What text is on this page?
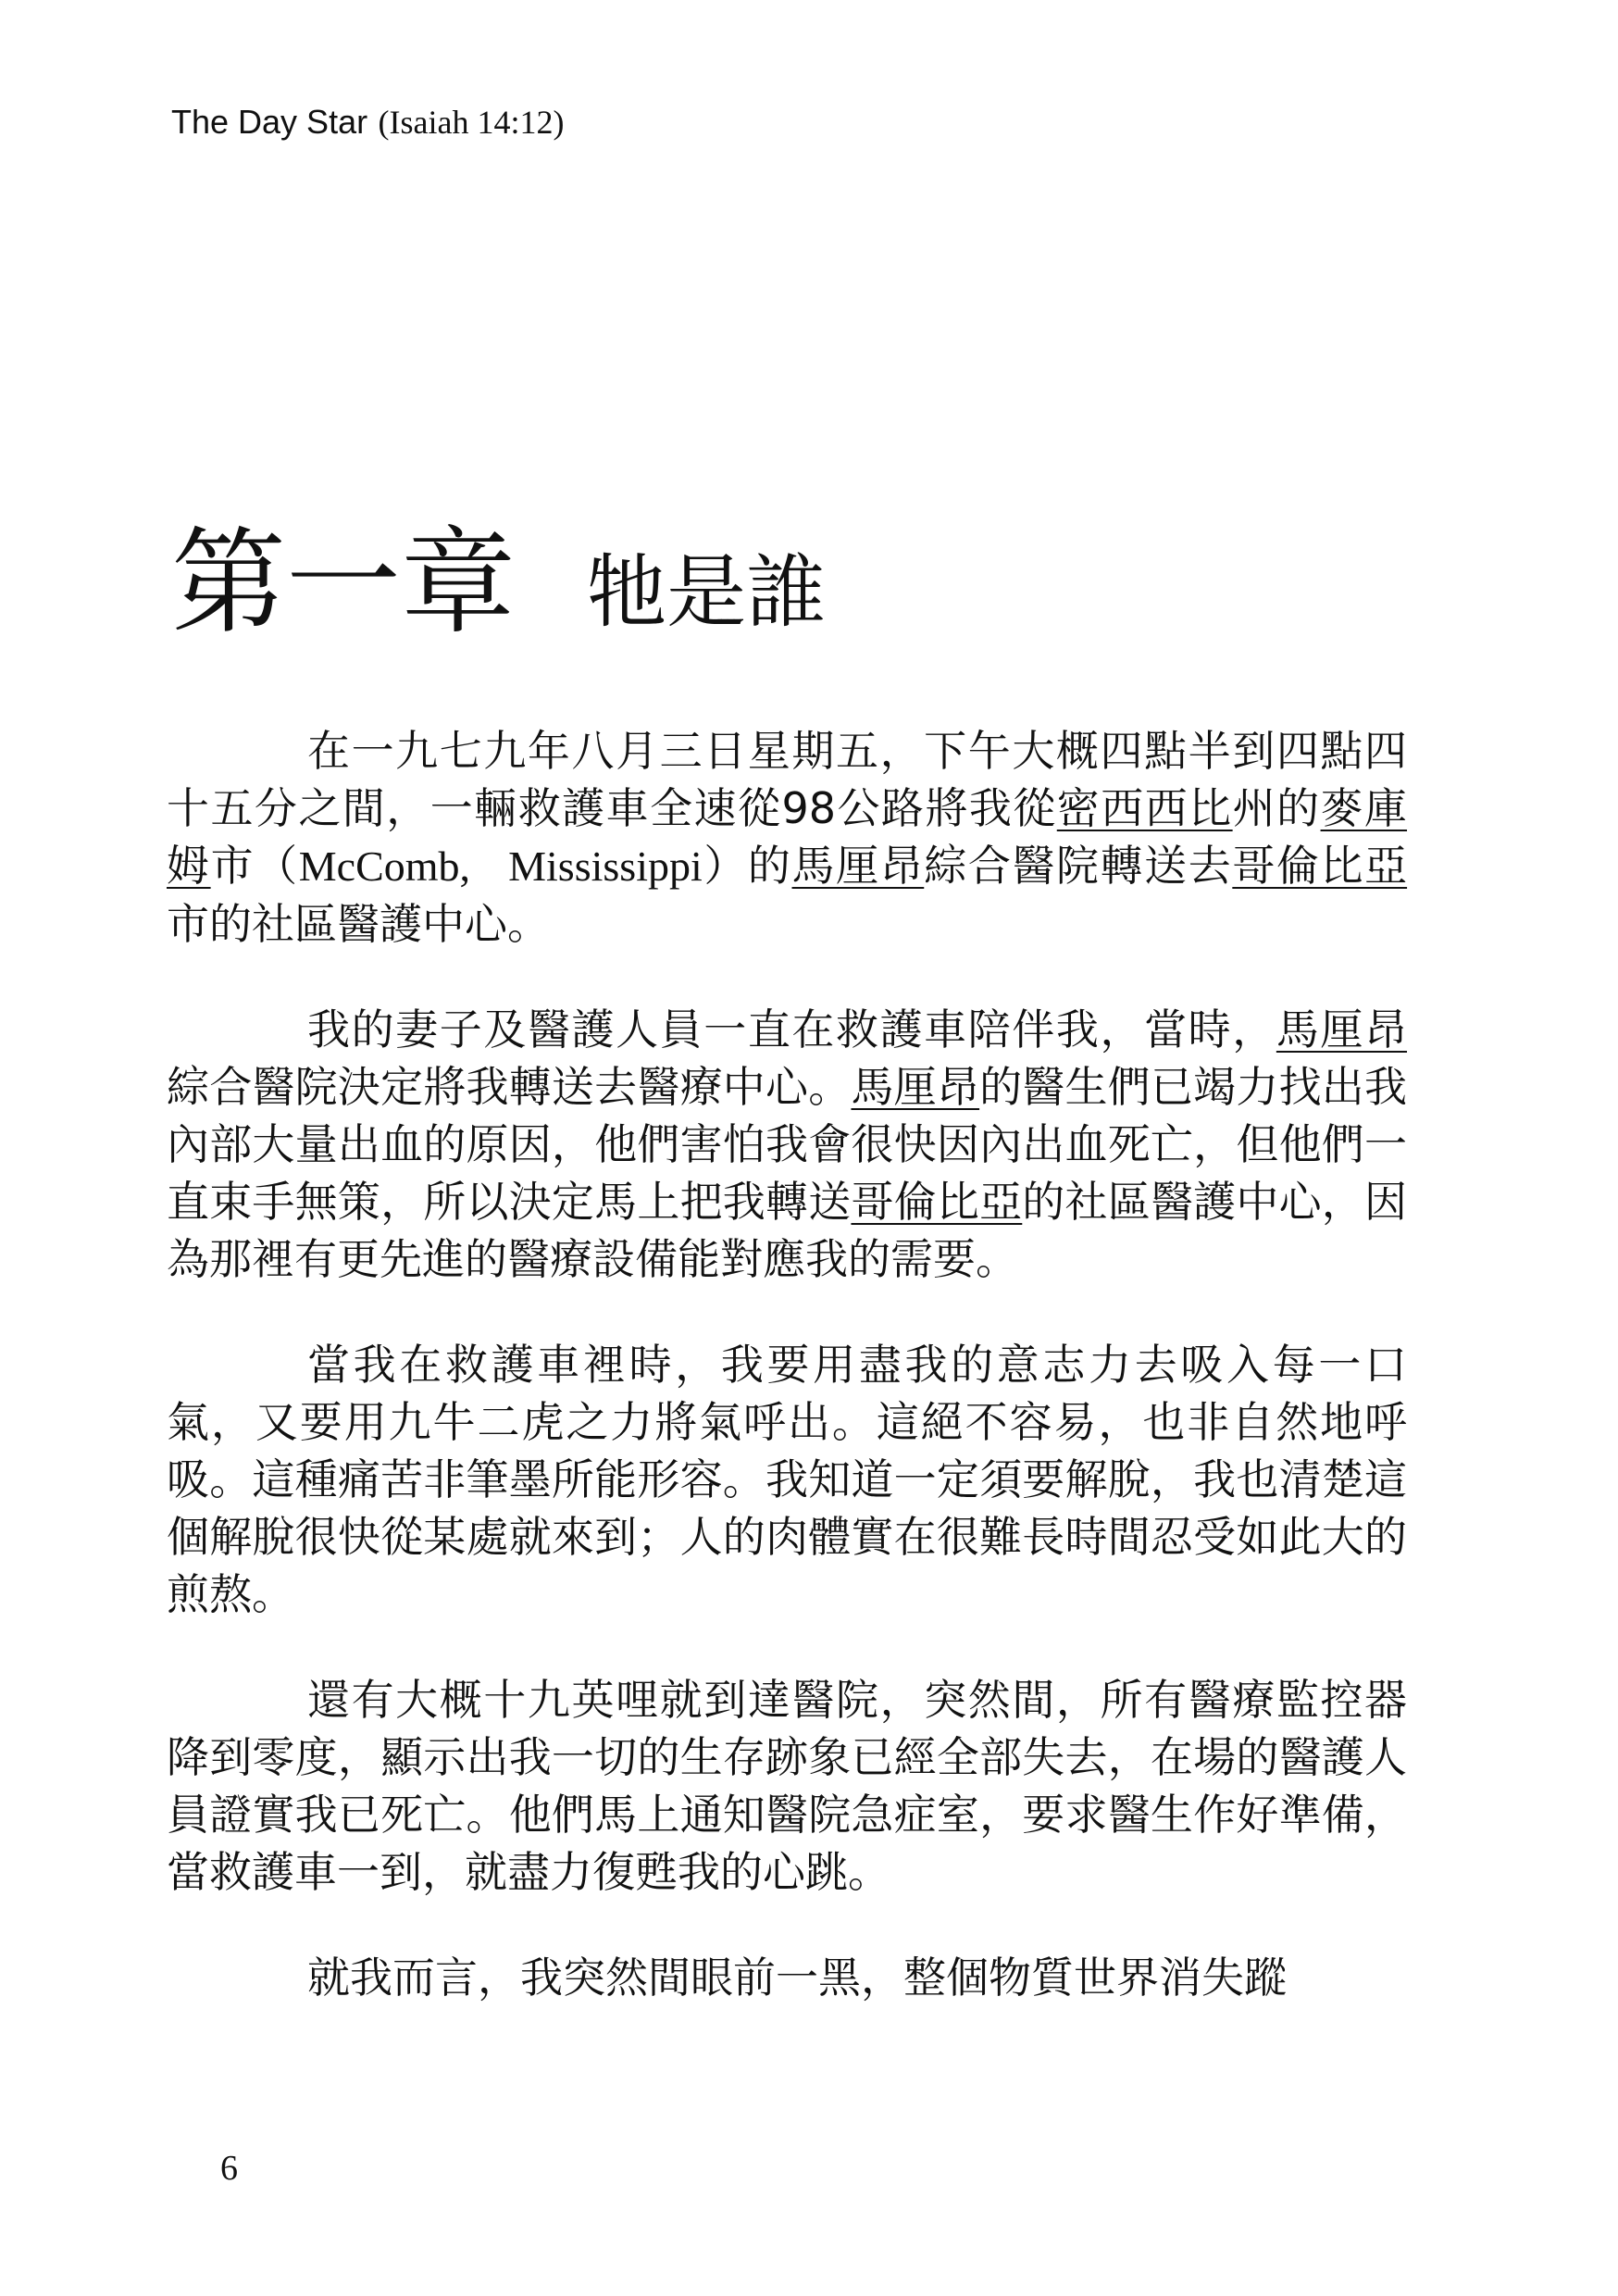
The Day Star (Isaiah 14:12)
第一章 牠是誰

在一九七九年八月三日星期五，下午大概四點半到四點四十五分之間，一輛救護車全速從98公路將我從密西西比州的麥庫姆市（McComb, Mississippi）的馬厘昂綜合醫院轉送去哥倫比亞市的社區醫護中心。

我的妻子及醫護人員一直在救護車陪伴我，當時，馬厘昂綜合醫院決定將我轉送去醫療中心。馬厘昂的醫生們已竭力找出我內部大量出血的原因，他們害怕我會很快因內出血死亡，但他們一直束手無策，所以決定馬上把我轉送哥倫比亞的社區醫護中心，因為那裡有更先進的醫療設備能對應我的需要。

當我在救護車裡時，我要用盡我的意志力去吸入每一口氣，又要用九牛二虎之力將氣呼出。這絕不容易，也非自然地呼吸。這種痛苦非筆墨所能形容。我知道一定須要解脫，我也清楚這個解脫很快從某處就來到；人的肉體實在很難長時間忍受如此大的煎熬。

還有大概十九英哩就到達醫院，突然間，所有醫療監控器降到零度，顯示出我一切的生存跡象已經全部失去，在場的醫護人員證實我已死亡。他們馬上通知醫院急症室，要求醫生作好準備，當救護車一到，就盡力復甦我的心跳。

就我而言，我突然間眼前一黑，整個物質世界消失蹤

6
